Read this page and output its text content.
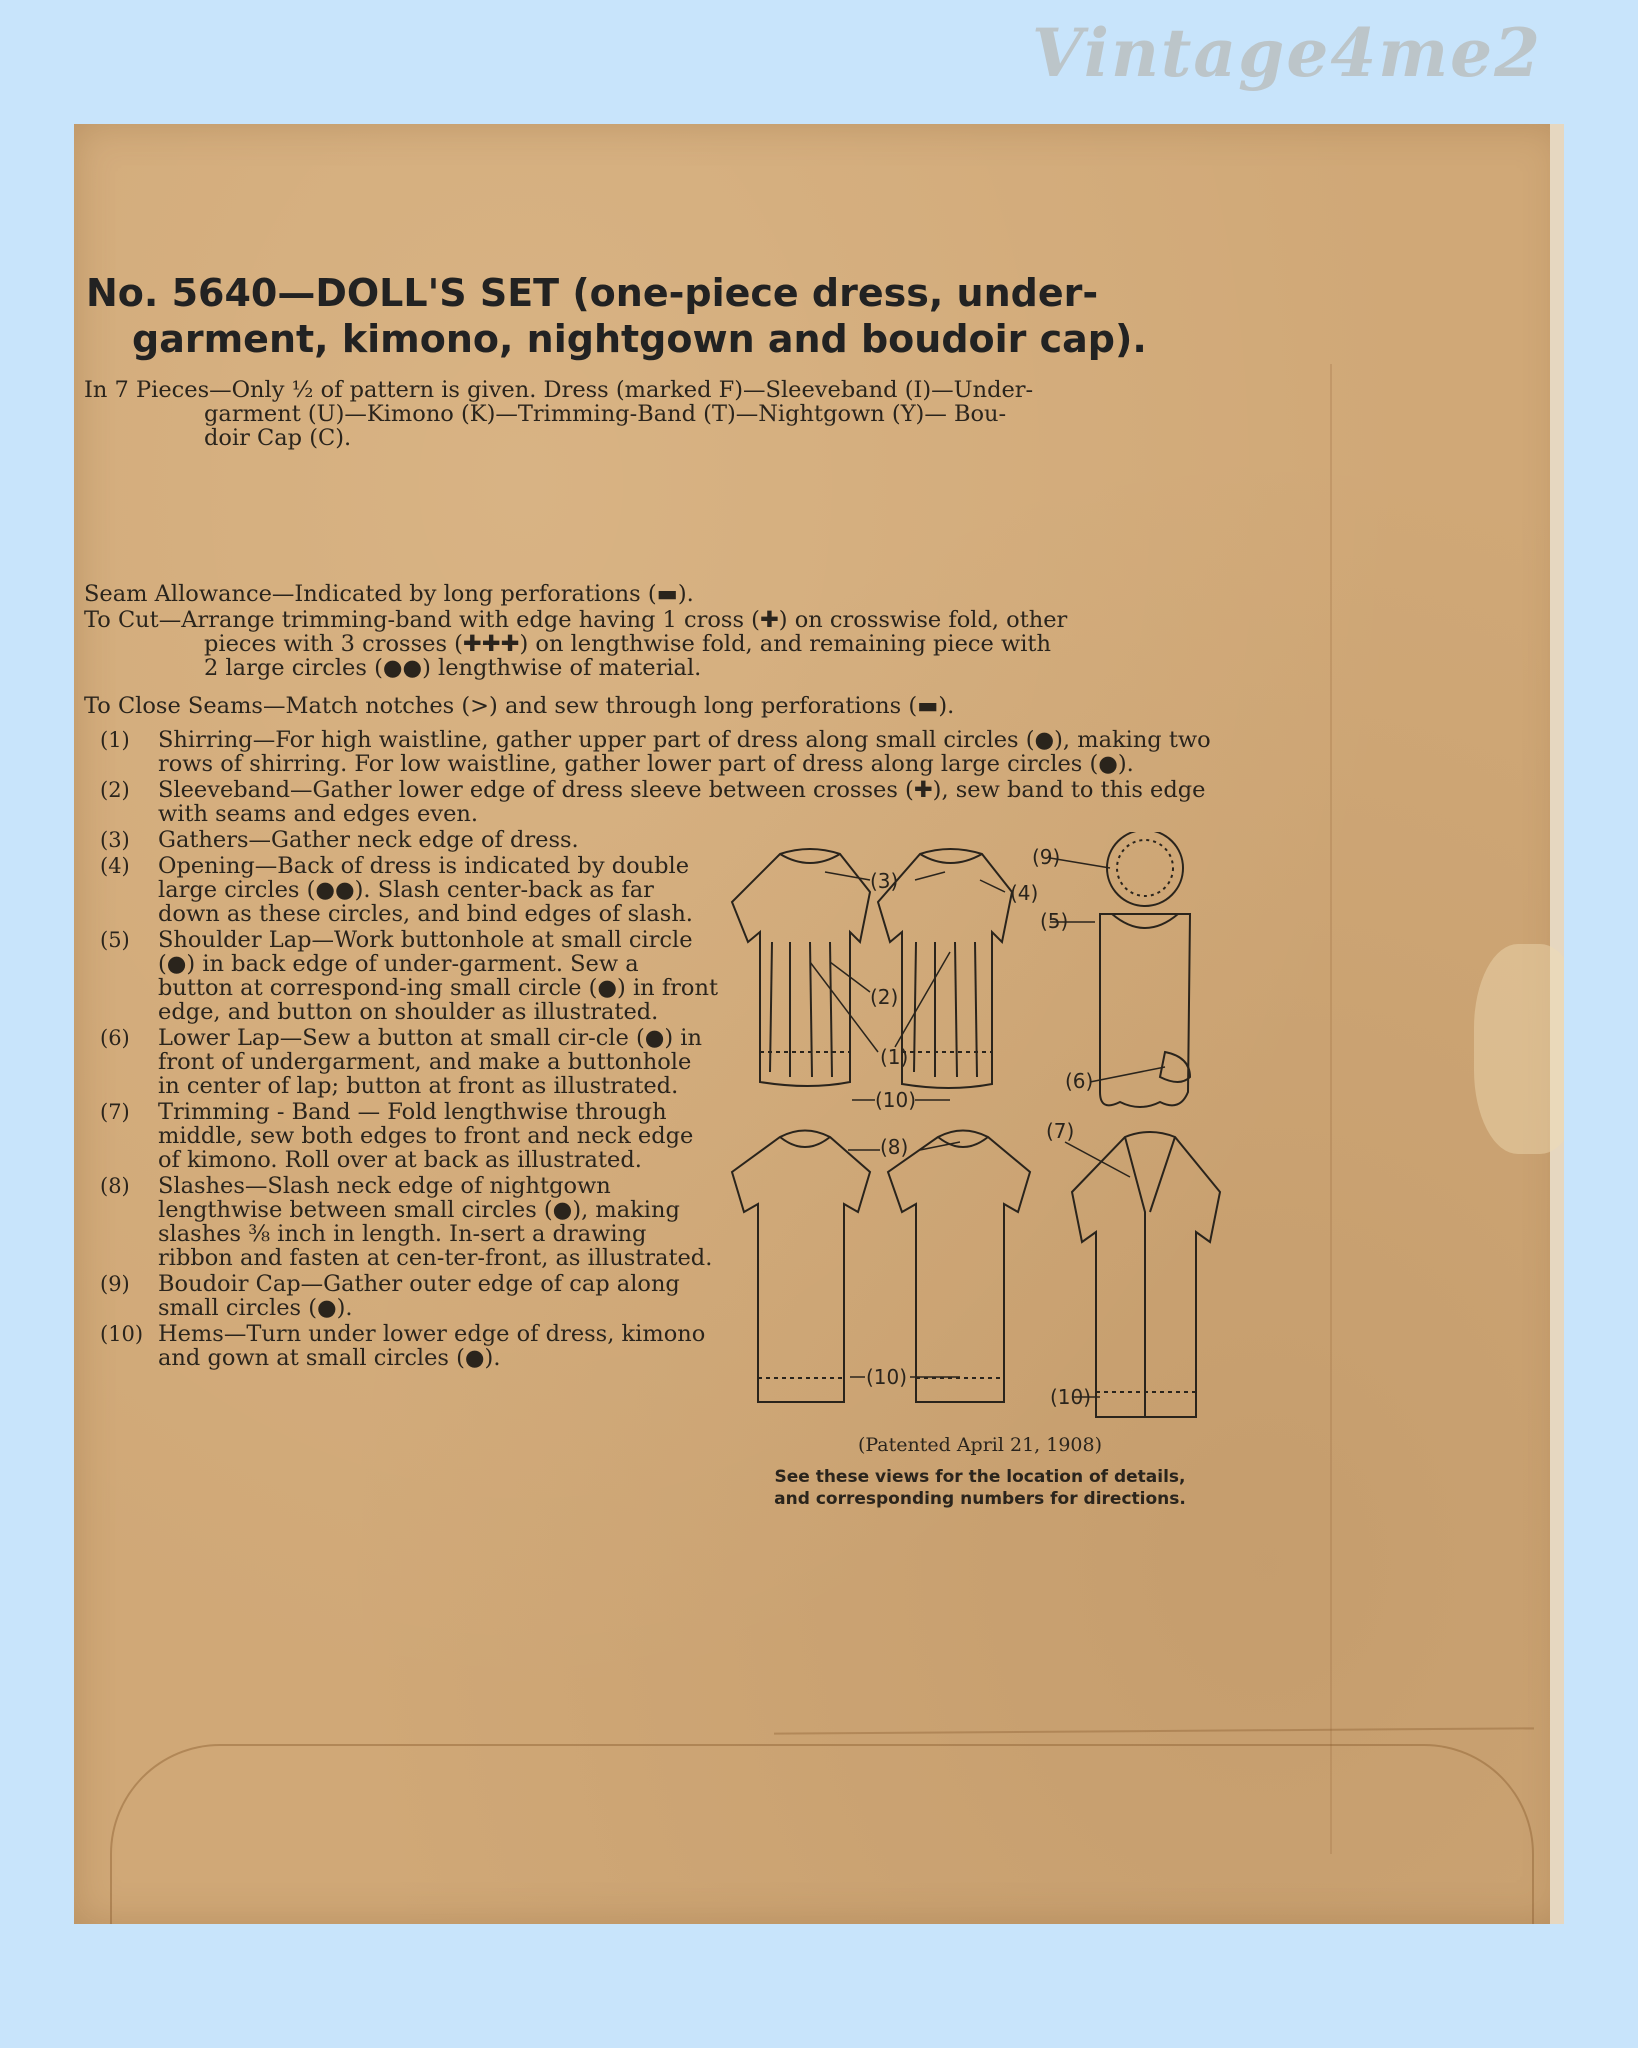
Vintage4me2
No. 5640—DOLL'S SET (one-piece dress, under-
garment, kimono, nightgown and boudoir cap).

In 7 Pieces—Only ½ of pattern is given. Dress (marked F)—Sleeveband (I)—Under-
garment (U)—Kimono (K)—Trimming-Band (T)—Nightgown (Y)— Bou-
doir Cap (C).

Seam Allowance—Indicated by long perforations (▬).

To Cut—Arrange trimming-band with edge having 1 cross (✚) on crosswise fold, other
pieces with 3 crosses (✚✚✚) on lengthwise fold, and remaining piece with
2 large circles (●●) lengthwise of material.

To Close Seams—Match notches (>) and sew through long perforations (▬).

(1)	Shirring—For high waistline, gather upper part of dress along small circles (●), making two rows of shirring. For low waistline, gather lower part of dress along large circles (●).
(2)	Sleeveband—Gather lower edge of dress sleeve between crosses (✚), sew band to this edge with seams and edges even.
(3)	Gathers—Gather neck edge of dress.
(4)	Opening—Back of dress is indicated by double large circles (●●). Slash center-back as far down as these circles, and bind edges of slash.
(5)	Shoulder Lap—Work buttonhole at small circle (●) in back edge of under-garment. Sew a button at correspond-ing small circle (●) in front edge, and button on shoulder as illustrated.
(6)	Lower Lap—Sew a button at small cir-cle (●) in front of undergarment, and make a buttonhole in center of lap; button at front as illustrated.
(7)	Trimming - Band — Fold lengthwise through middle, sew both edges to front and neck edge of kimono. Roll over at back as illustrated.
(8)	Slashes—Slash neck edge of nightgown lengthwise between small circles (●), making slashes ⅜ inch in length. In-sert a drawing ribbon and fasten at cen-ter-front, as illustrated.
(9)	Boudoir Cap—Gather outer edge of cap along small circles (●).
(10) Hems—Turn under lower edge of dress, kimono and gown at small circles (●).
(3)	(4)
(5)
(9)
(2)
(1)
(6)
(10)
(8)
(7)
(10)
(10)
(Patented April 21, 1908)
See these views for the location of details,
and corresponding numbers for directions.
